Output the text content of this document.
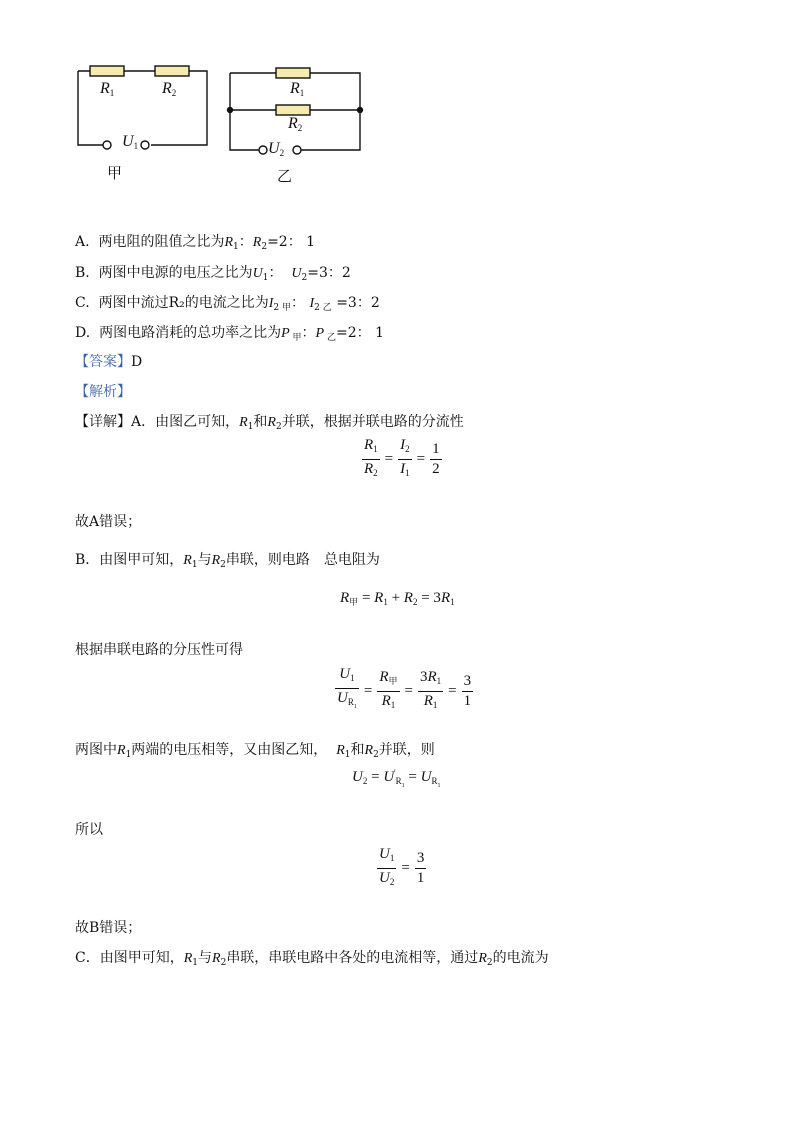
$R_1$	$R_2$
$U_1$
甲
$R_1$
$R_2$
$U_2$
乙
A. 两电阻的阻值之比为$R_1$：$R_2=2$： 1
B. 两图中电源的电压之比为$U_1$： $U_2=3$：2
C. 两图中流过R₂的电流之比为$I_{2 甲}$： $I_{2 乙} =3$：2
D. 两图电路消耗的总功率之比为P $_甲$：P $_乙$=2： 1
【答案】D
【解析】
【详解】A．由图乙可知，$R_1$和$R_2$并联，根据并联电路的分流性
$\frac{R_1}{R_2} = \frac{I_2}{I_1} = \frac{1}{2}$
故A错误；
B．由图甲可知，$R_1$与$R_2$串联，则电路　总电阻为
$R_甲 = R_1 + R_2 = 3R_1$
根据串联电路的分压性可得
$\frac{U_1}{U_{R_1}} = \frac{R_甲}{R_1} = \frac{3R_1}{R_1} = \frac{3}{1}$
两图中$R_1$两端的电压相等，又由图乙知， $R_1$和$R_2$并联，则
$U_2 = U'_{R_1} = U_{R_1}$
所以
$\frac{U_1}{U_2} = \frac{3}{1}$
故B错误；
C．由图甲可知，$R_1$与$R_2$串联，串联电路中各处的电流相等，通过$R_2$的电流为
